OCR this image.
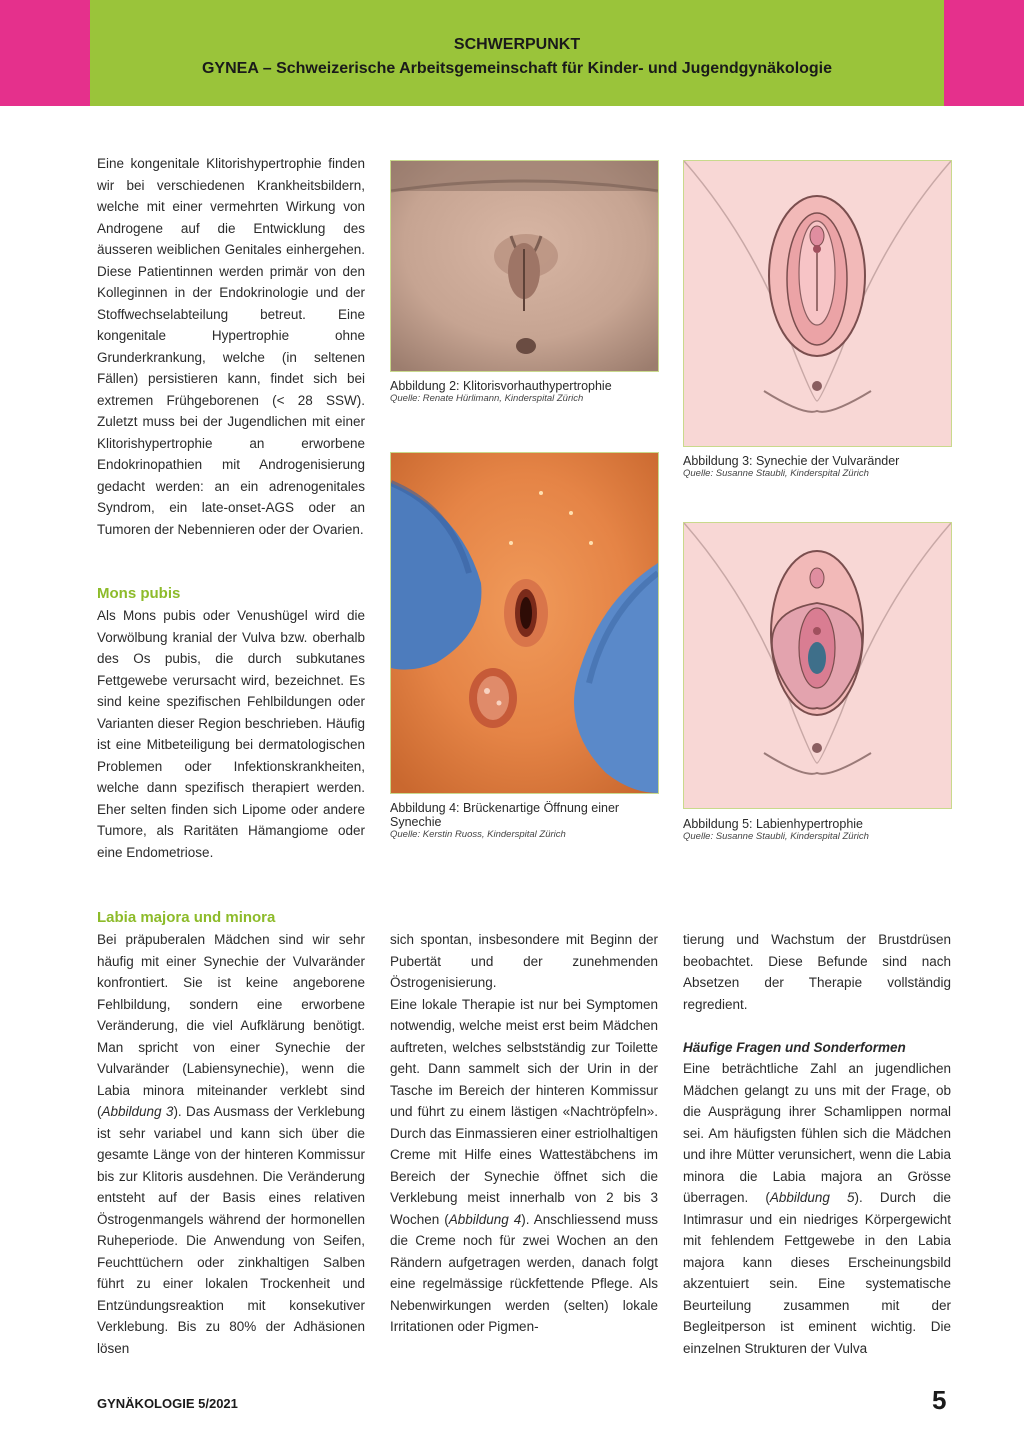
SCHWERPUNKT
GYNEA – Schweizerische Arbeitsgemeinschaft für Kinder- und Jugendgynäkologie

Eine kongenitale Klitorishypertrophie finden wir bei verschiedenen Krankheitsbildern, welche mit einer vermehrten Wirkung von Androgene auf die Entwicklung des äusseren weiblichen Genitales einhergehen. Diese Patientinnen werden primär von den Kolleginnen in der Endokrinologie und der Stoffwechselabteilung betreut. Eine kongenitale Hypertrophie ohne Grunderkrankung, welche (in seltenen Fällen) persistieren kann, findet sich bei extremen Frühgeborenen (< 28 SSW). Zuletzt muss bei der Jugendlichen mit einer Klitorishypertrophie an erworbene Endokrinopathien mit Androgenisierung gedacht werden: an ein adrenogenitales Syndrom, ein late-onset-AGS oder an Tumoren der Nebennieren oder der Ovarien.

Mons pubis

Als Mons pubis oder Venushügel wird die Vorwölbung kranial der Vulva bzw. oberhalb des Os pubis, die durch subkutanes Fettgewebe verursacht wird, bezeichnet. Es sind keine spezifischen Fehlbildungen oder Varianten dieser Region beschrieben. Häufig ist eine Mitbeteiligung bei dermatologischen Problemen oder Infektionskrankheiten, welche dann spezifisch therapiert werden. Eher selten finden sich Lipome oder andere Tumore, als Raritäten Hämangiome oder eine Endometriose.

Abbildung 2: Klitorisvorhauthypertrophie
Quelle: Renate Hürlimann, Kinderspital Zürich
Abbildung 4: Brückenartige Öffnung einer Synechie
Quelle: Kerstin Ruoss, Kinderspital Zürich
Abbildung 3: Synechie der Vulvaränder
Quelle: Susanne Staubli, Kinderspital Zürich
Abbildung 5: Labienhypertrophie
Quelle: Susanne Staubli, Kinderspital Zürich
Labia majora und minora

Bei präpuberalen Mädchen sind wir sehr häufig mit einer Synechie der Vulvaränder konfrontiert. Sie ist keine angeborene Fehlbildung, sondern eine erworbene Veränderung, die viel Aufklärung benötigt. Man spricht von einer Synechie der Vulvaränder (Labiensynechie), wenn die Labia minora miteinander verklebt sind (Abbildung 3). Das Ausmass der Verklebung ist sehr variabel und kann sich über die gesamte Länge von der hinteren Kommissur bis zur Klitoris ausdehnen. Die Veränderung entsteht auf der Basis eines relativen Östrogenmangels während der hormonellen Ruheperiode. Die Anwendung von Seifen, Feuchttüchern oder zinkhaltigen Salben führt zu einer lokalen Trockenheit und Entzündungsreaktion mit konsekutiver Verklebung. Bis zu 80% der Adhäsionen lösen

sich spontan, insbesondere mit Beginn der Pubertät und der zunehmenden Östrogenisierung.

Eine lokale Therapie ist nur bei Symptomen notwendig, welche meist erst beim Mädchen auftreten, welches selbstständig zur Toilette geht. Dann sammelt sich der Urin in der Tasche im Bereich der hinteren Kommissur und führt zu einem lästigen «Nachtröpfeln». Durch das Einmassieren einer estriolhaltigen Creme mit Hilfe eines Wattestäbchens im Bereich der Synechie öffnet sich die Verklebung meist innerhalb von 2 bis 3 Wochen (Abbildung 4). Anschliessend muss die Creme noch für zwei Wochen an den Rändern aufgetragen werden, danach folgt eine regelmässige rückfettende Pflege. Als Nebenwirkungen werden (selten) lokale Irritationen oder Pigmen-

tierung und Wachstum der Brustdrüsen beobachtet. Diese Befunde sind nach Absetzen der Therapie vollständig regredient.

Häufige Fragen und Sonderformen

Eine beträchtliche Zahl an jugendlichen Mädchen gelangt zu uns mit der Frage, ob die Ausprägung ihrer Schamlippen normal sei. Am häufigsten fühlen sich die Mädchen und ihre Mütter verunsichert, wenn die Labia minora die Labia majora an Grösse überragen. (Abbildung 5). Durch die Intimrasur und ein niedriges Körpergewicht mit fehlendem Fettgewebe in den Labia majora kann dieses Erscheinungsbild akzentuiert sein. Eine systematische Beurteilung zusammen mit der Begleitperson ist eminent wichtig. Die einzelnen Strukturen der Vulva

GYNÄKOLOGIE 5/2021	5
